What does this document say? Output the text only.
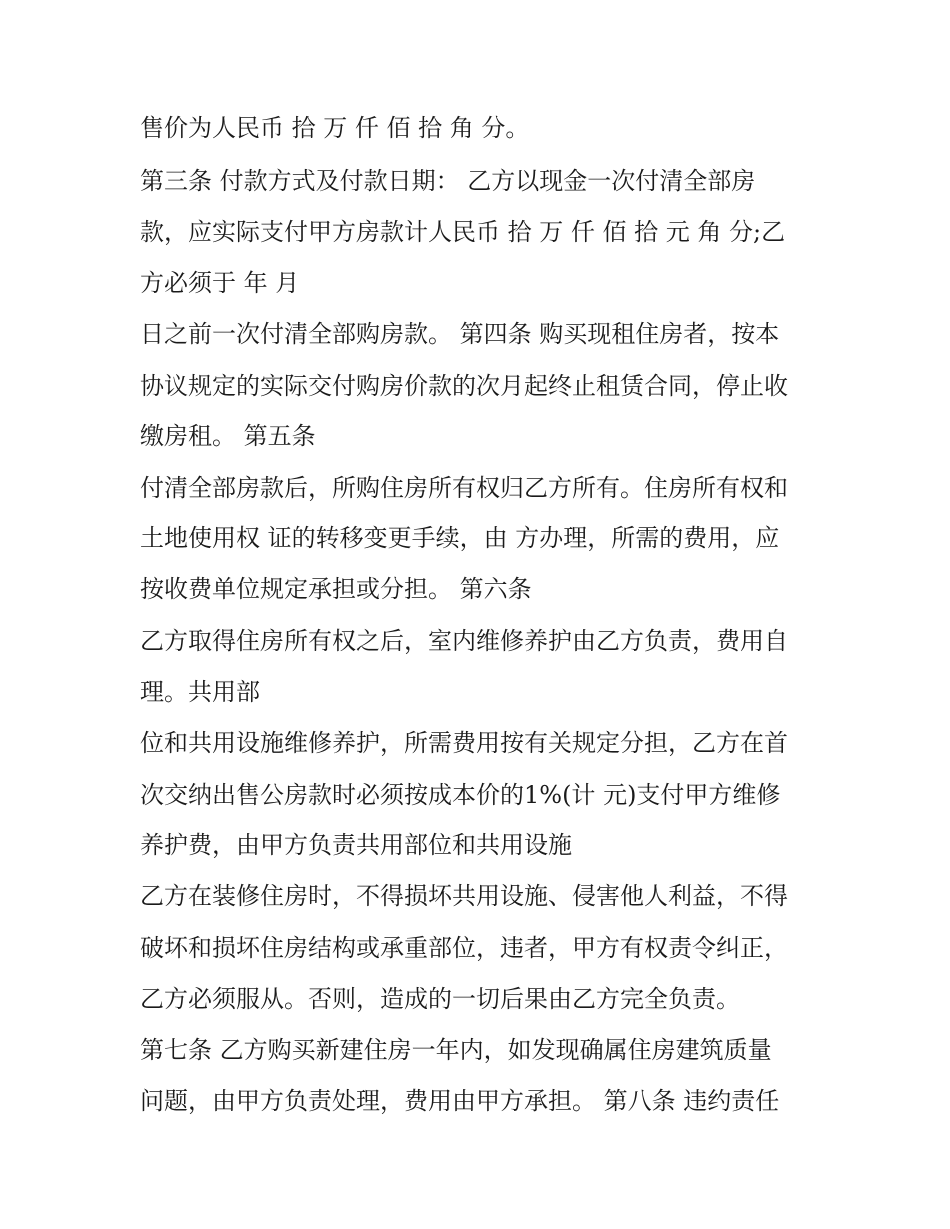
售价为人民币 拾 万 仟 佰 拾 角 分。

第三条 付款方式及付款日期： 乙方以现金一次付清全部房

款，应实际支付甲方房款计人民币 拾 万 仟 佰 拾 元 角 分;乙

方必须于 年 月

日之前一次付清全部购房款。 第四条 购买现租住房者，按本

协议规定的实际交付购房价款的次月起终止租赁合同，停止收

缴房租。 第五条

付清全部房款后，所购住房所有权归乙方所有。住房所有权和

土地使用权 证的转移变更手续，由 方办理，所需的费用，应

按收费单位规定承担或分担。 第六条

乙方取得住房所有权之后，室内维修养护由乙方负责，费用自

理。共用部

位和共用设施维修养护，所需费用按有关规定分担，乙方在首

次交纳出售公房款时必须按成本价的1%(计 元)支付甲方维修

养护费，由甲方负责共用部位和共用设施

乙方在装修住房时，不得损坏共用设施、侵害他人利益，不得

破坏和损坏住房结构或承重部位，违者，甲方有权责令纠正，

乙方必须服从。否则，造成的一切后果由乙方完全负责。

第七条 乙方购买新建住房一年内，如发现确属住房建筑质量

问题，由甲方负责处理，费用由甲方承担。 第八条 违约责任
